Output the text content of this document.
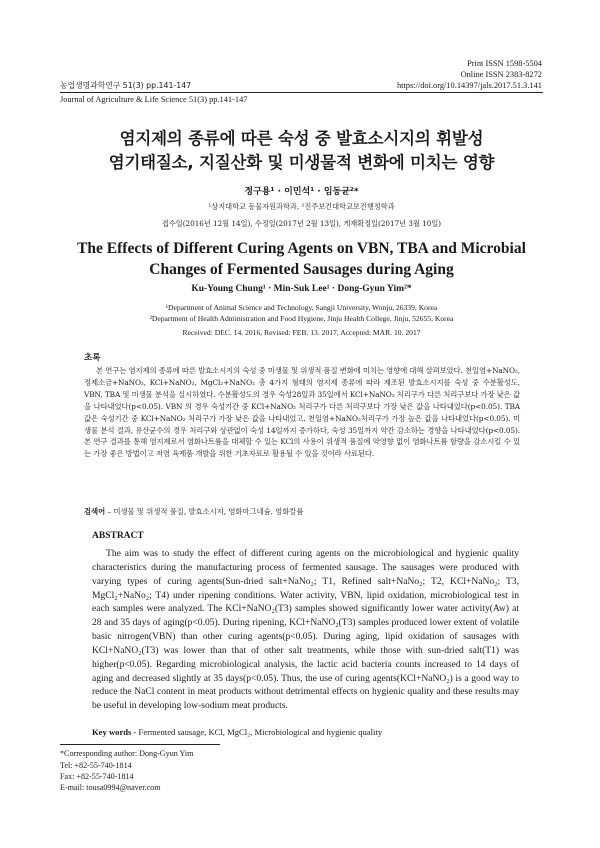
Print ISSN 1598-5504
Online ISSN 2383-8272
농업생명과학연구 51(3) pp.141-147	https://doi.org/10.14397/jals.2017.51.3.141
Journal of Agriculture & Life Science 51(3) pp.141-147
염지제의 종류에 따른 숙성 중 발효소시지의 휘발성
염기태질소, 지질산화 및 미생물적 변화에 미치는 영향
정구용¹ · 이민석¹ · 임동균²*
¹상지대학교 동물자원과학과, ²진주보건대학교보건행정학과
접수일(2016년 12월 14일), 수정일(2017년 2월 13일), 게재확정일(2017년 3월 10일)
The Effects of Different Curing Agents on VBN, TBA and Microbial
Changes of Fermented Sausages during Aging
Ku-Young Chung¹ · Min-Suk Lee¹ · Dong-Gyun Yim²*
¹Department of Animal Science and Technology, Sangji University, Wonju, 26339, Korea
²Department of Health Administration and Food Hygiene, Jinju Health College, Jinju, 52655, Korea
Received: DEC. 14. 2016, Revised: FEB. 13. 2017, Accepted: MAR. 10. 2017
초록
본 연구는 염지제의 종류에 따른 발효소시지의 숙성 중 미생물 및 위생적 품질 변화에 미치는 영향에 대해 살펴보았다. 천일염+NaNO₂, 정제소금+NaNO₂, KCl+NaNO₂, MgCl₂+NaNO₂ 총 4가지 형태의 염지제 종류에 따라 제조된 발효소시지를 숙성 중 수분활성도, VBN, TBA 및 미생물 분석을 실시하였다. 수분활성도의 경우 숙성28일과 35일에서 KCl+NaNO₂ 처리구가 다른 처리구보다 가장 낮은 값을 나타내었다(p<0.05). VBN 의 경우 숙성기간 중 KCl+NaNO₂ 처리구가 다른 처리구보다 가장 낮은 값을 나타내었다(p<0.05). TBA 값은 숙성기간 중 KCl+NaNO₂ 처리구가 가장 낮은 값을 나타내었고, 천일염+NaNO₂처리구가 가장 높은 값을 나타내었다(p<0.05). 미생물 분석 결과, 유산균수의 경우 처리구와 상관없이 숙성 14일까지 증가하다, 숙성 35일까지 약간 감소하는 경향을 나타내었다(p<0.05). 본 연구 결과를 통해 염지제로서 염화나트륨을 대체할 수 있는 KCl의 사용이 위생적 품질에 악영향 없이 염화나트륨 함량을 감소시킬 수 있는 가장 좋은 방법이고 저염 육제품 개발을 위한 기초자료로 활용될 수 있을 것이라 사료된다.
검색어 – 미생물 및 위생적 품질, 발효소시지, 염화마그네슘, 염화칼륨
ABSTRACT
The aim was to study the effect of different curing agents on the microbiological and hygienic quality characteristics during the manufacturing process of fermented sausage. The sausages were produced with varying types of curing agents(Sun-dried salt+NaNo₂; T1, Refined salt+NaNo₂; T2, KCl+NaNo₂; T3, MgCl₂+NaNo₂; T4) under ripening conditions. Water activity, VBN, lipid oxidation, microbiological test in each samples were analyzed. The KCl+NaNO₂(T3) samples showed significantly lower water activity(Aw) at 28 and 35 days of aging(p<0.05). During ripening, KCl+NaNO₂(T3) samples produced lower extent of volatile basic nitrogen(VBN) than other curing agents(p<0.05). During aging, lipid oxidation of sausages with KCl+NaNO₂(T3) was lower than that of other salt treatments, while those with sun-dried salt(T1) was higher(p<0.05). Regarding microbiological analysis, the lactic acid bacteria counts increased to 14 days of aging and decreased slightly at 35 days(p<0.05). Thus, the use of curing agents(KCl+NaNO₂) is a good way to reduce the NaCl content in meat products without detrimental effects on hygienic quality and these results may be useful in developing low-sodium meat products.
Key words - Fermented sausage, KCl, MgCl₂, Microbiological and hygienic quality
*Corresponding author: Dong-Gyun Yim
Tel: +82-55-740-1814
Fax: +82-55-740-1814
E-mail: tousa0994@naver.com
